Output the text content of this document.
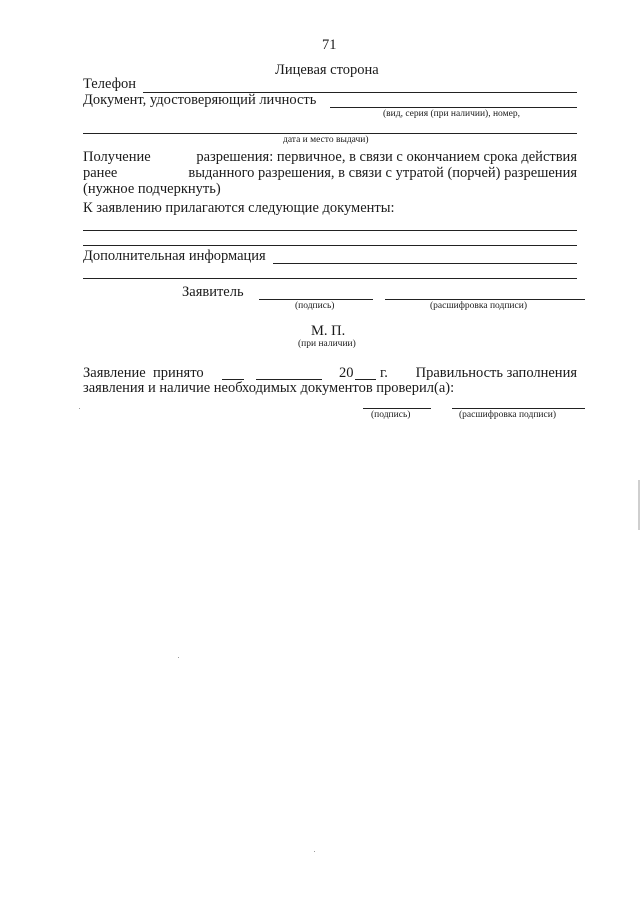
71
Лицевая сторона
Телефон
Документ, удостоверяющий личность
(вид, серия (при наличии), номер,
дата и место выдачи)
Получение	разрешения: первичное, в связи с окончанием срока действия
ранее	выданного разрешения, в связи с утратой (порчей) разрешения
(нужное подчеркнуть)
К заявлению прилагаются следующие документы:
Дополнительная информация
Заявитель
(подпись)	(расшифровка подписи)
М. П.
(при наличии)
Заявление принято	20 г.	Правильность заполнения
заявления и наличие необходимых документов проверил(а):
(подпись)	(расшифровка подписи)
